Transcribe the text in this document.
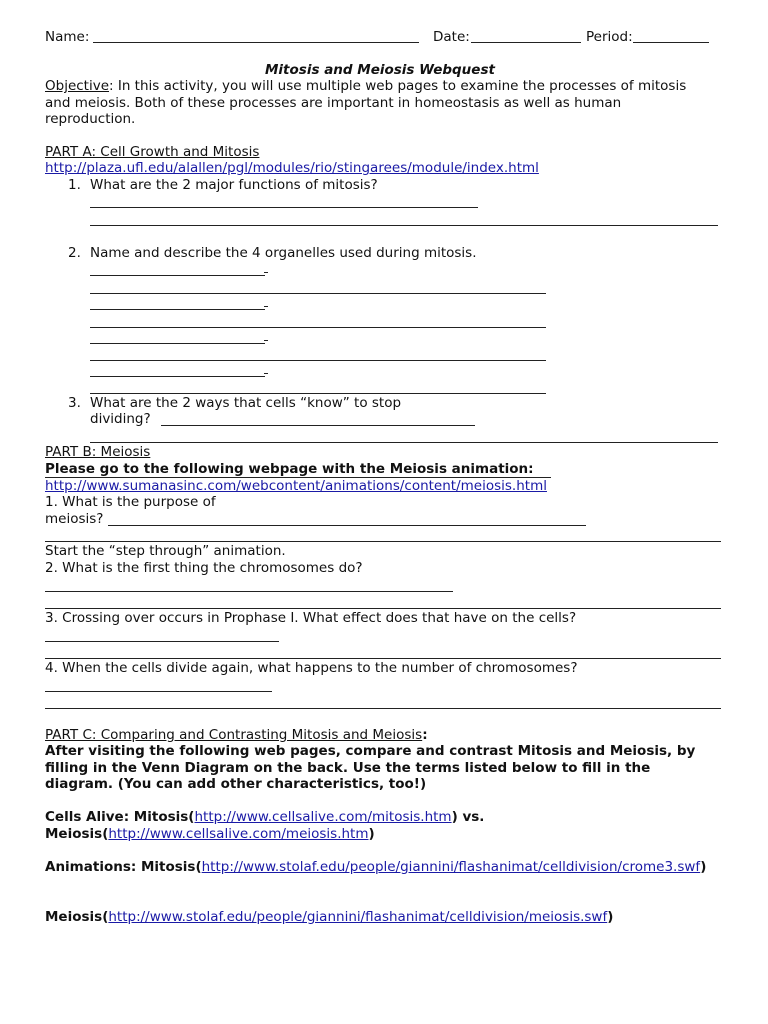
Name:	Date:	Period:
Mitosis and Meiosis Webquest
Objective: In this activity, you will use multiple web pages to examine the processes of mitosis
and meiosis. Both of these processes are important in homeostasis as well as human
reproduction.
PART A: Cell Growth and Mitosis
http://plaza.ufl.edu/alallen/pgl/modules/rio/stingarees/module/index.html
1. What are the 2 major functions of mitosis?
2. Name and describe the 4 organelles used during mitosis.
3. What are the 2 ways that cells “know” to stop
dividing?
PART B: Meiosis
Please go to the following webpage with the Meiosis animation:
http://www.sumanasinc.com/webcontent/animations/content/meiosis.html
1. What is the purpose of
meiosis?
Start the “step through” animation.
2. What is the first thing the chromosomes do?
3. Crossing over occurs in Prophase I. What effect does that have on the cells?
4. When the cells divide again, what happens to the number of chromosomes?
PART C: Comparing and Contrasting Mitosis and Meiosis:
After visiting the following web pages, compare and contrast Mitosis and Meiosis, by
filling in the Venn Diagram on the back. Use the terms listed below to fill in the
diagram. (You can add other characteristics, too!)
Cells Alive: Mitosis(http://www.cellsalive.com/mitosis.htm) vs.
Meiosis(http://www.cellsalive.com/meiosis.htm)
Animations: Mitosis(http://www.stolaf.edu/people/giannini/flashanimat/celldivision/crome3.swf)
Meiosis(http://www.stolaf.edu/people/giannini/flashanimat/celldivision/meiosis.swf)
